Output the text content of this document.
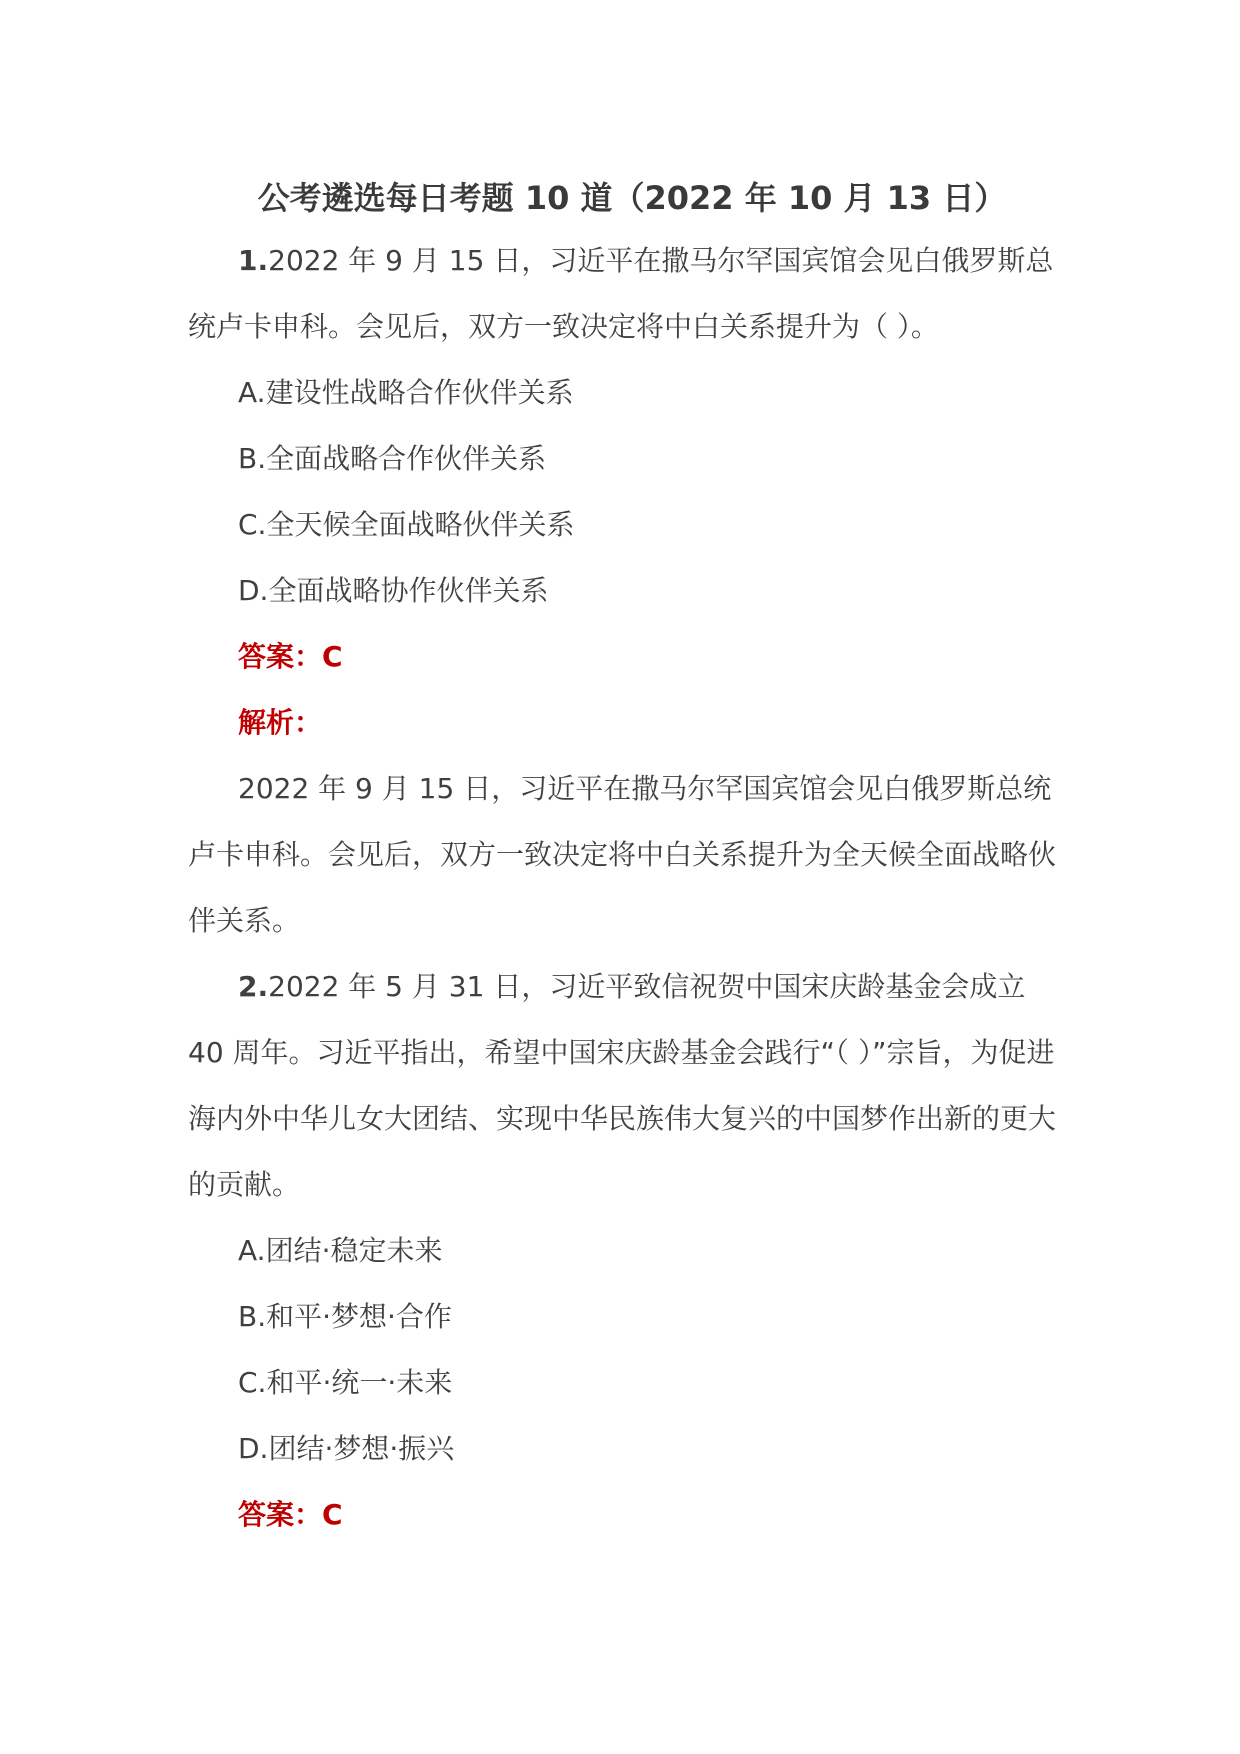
公考遴选每日考题 10 道（2022 年 10 月 13 日）

1.2022 年 9 月 15 日，习近平在撒马尔罕国宾馆会见白俄罗斯总统卢卡申科。会见后，双方一致决定将中白关系提升为（ ）。

A.建设性战略合作伙伴关系

B.全面战略合作伙伴关系

C.全天候全面战略伙伴关系

D.全面战略协作伙伴关系

答案：C

解析：

2022 年 9 月 15 日，习近平在撒马尔罕国宾馆会见白俄罗斯总统卢卡申科。会见后，双方一致决定将中白关系提升为全天候全面战略伙伴关系。

2.2022 年 5 月 31 日，习近平致信祝贺中国宋庆龄基金会成立 40 周年。习近平指出，希望中国宋庆龄基金会践行“（ ）”宗旨，为促进海内外中华儿女大团结、实现中华民族伟大复兴的中国梦作出新的更大的贡献。

A.团结·稳定未来

B.和平·梦想·合作

C.和平·统一·未来

D.团结·梦想·振兴

答案：C
